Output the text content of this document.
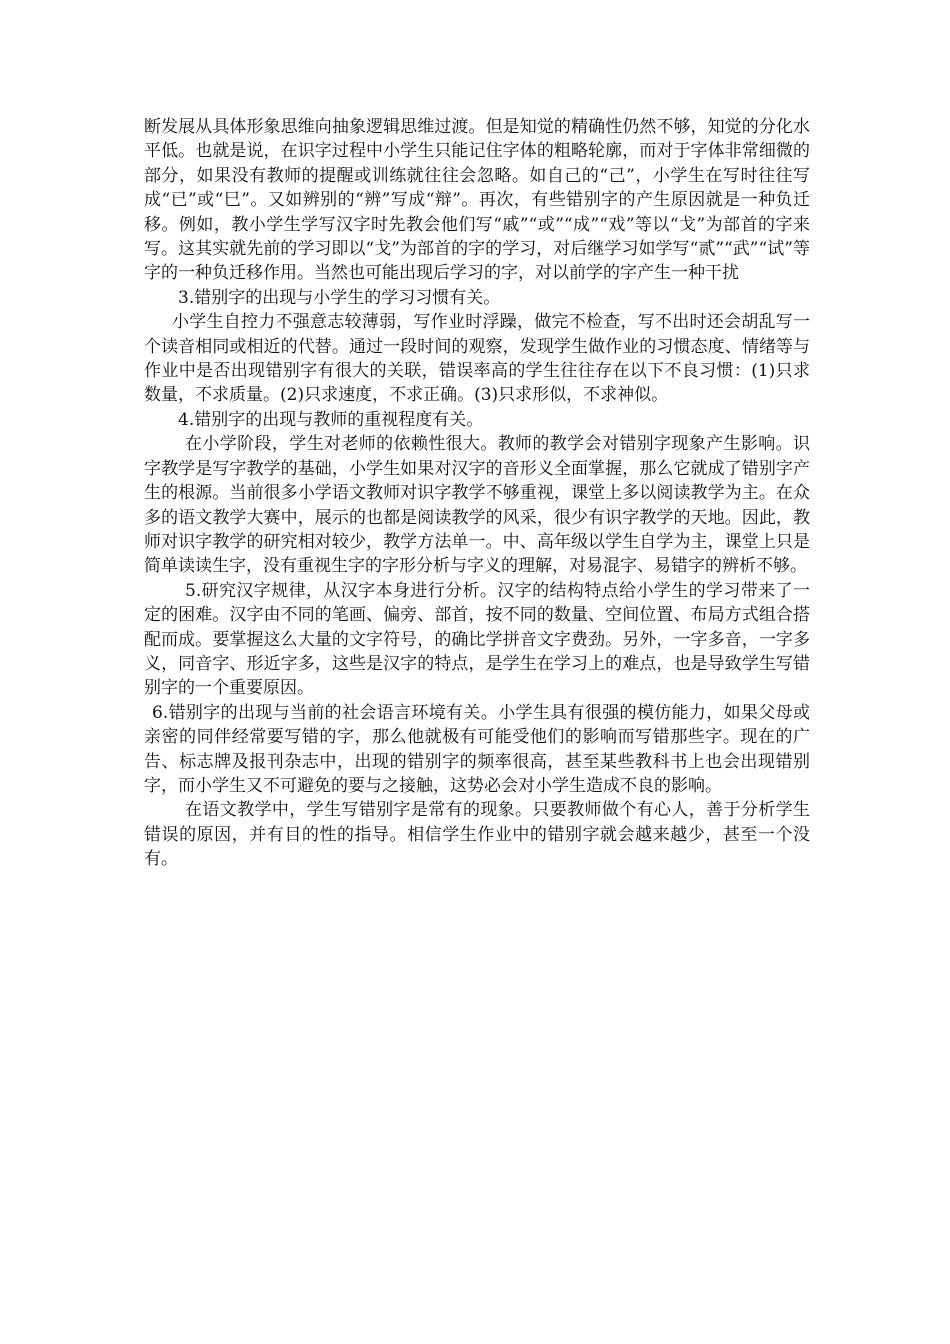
断发展从具体形象思维向抽象逻辑思维过渡。但是知觉的精确性仍然不够，知觉的分化水平低。也就是说，在识字过程中小学生只能记住字体的粗略轮廓，而对于字体非常细微的部分，如果没有教师的提醒或训练就往往会忽略。如自己的“己”，小学生在写时往往写成“已”或“巳”。又如辨别的“辨”写成“辩”。再次，有些错别字的产生原因就是一种负迁移。例如，教小学生学写汉字时先教会他们写“戚”“或”“成”“戏”等以“戈”为部首的字来写。这其实就先前的学习即以“戈”为部首的字的学习，对后继学习如学写“贰”“武”“试”等字的一种负迁移作用。当然也可能出现后学习的字，对以前学的字产生一种干扰

3.错别字的出现与小学生的学习习惯有关。

小学生自控力不强意志较薄弱，写作业时浮躁，做完不检查，写不出时还会胡乱写一个读音相同或相近的代替。通过一段时间的观察，发现学生做作业的习惯态度、情绪等与作业中是否出现错别字有很大的关联，错误率高的学生往往存在以下不良习惯：(1)只求数量，不求质量。(2)只求速度，不求正确。(3)只求形似，不求神似。

4.错别字的出现与教师的重视程度有关。

在小学阶段，学生对老师的依赖性很大。教师的教学会对错别字现象产生影响。识字教学是写字教学的基础，小学生如果对汉字的音形义全面掌握，那么它就成了错别字产生的根源。当前很多小学语文教师对识字教学不够重视，课堂上多以阅读教学为主。在众多的语文教学大赛中，展示的也都是阅读教学的风采，很少有识字教学的天地。因此，教师对识字教学的研究相对较少，教学方法单一。中、高年级以学生自学为主，课堂上只是简单读读生字，没有重视生字的字形分析与字义的理解，对易混字、易错字的辨析不够。

5.研究汉字规律，从汉字本身进行分析。汉字的结构特点给小学生的学习带来了一定的困难。汉字由不同的笔画、偏旁、部首，按不同的数量、空间位置、布局方式组合搭配而成。要掌握这么大量的文字符号，的确比学拼音文字费劲。另外，一字多音，一字多义，同音字、形近字多，这些是汉字的特点，是学生在学习上的难点，也是导致学生写错别字的一个重要原因。

6.错别字的出现与当前的社会语言环境有关。小学生具有很强的模仿能力，如果父母或亲密的同伴经常要写错的字，那么他就极有可能受他们的影响而写错那些字。现在的广告、标志牌及报刊杂志中，出现的错别字的频率很高，甚至某些教科书上也会出现错别字，而小学生又不可避免的要与之接触，这势必会对小学生造成不良的影响。

在语文教学中，学生写错别字是常有的现象。只要教师做个有心人，善于分析学生错误的原因，并有目的性的指导。相信学生作业中的错别字就会越来越少，甚至一个没有。
